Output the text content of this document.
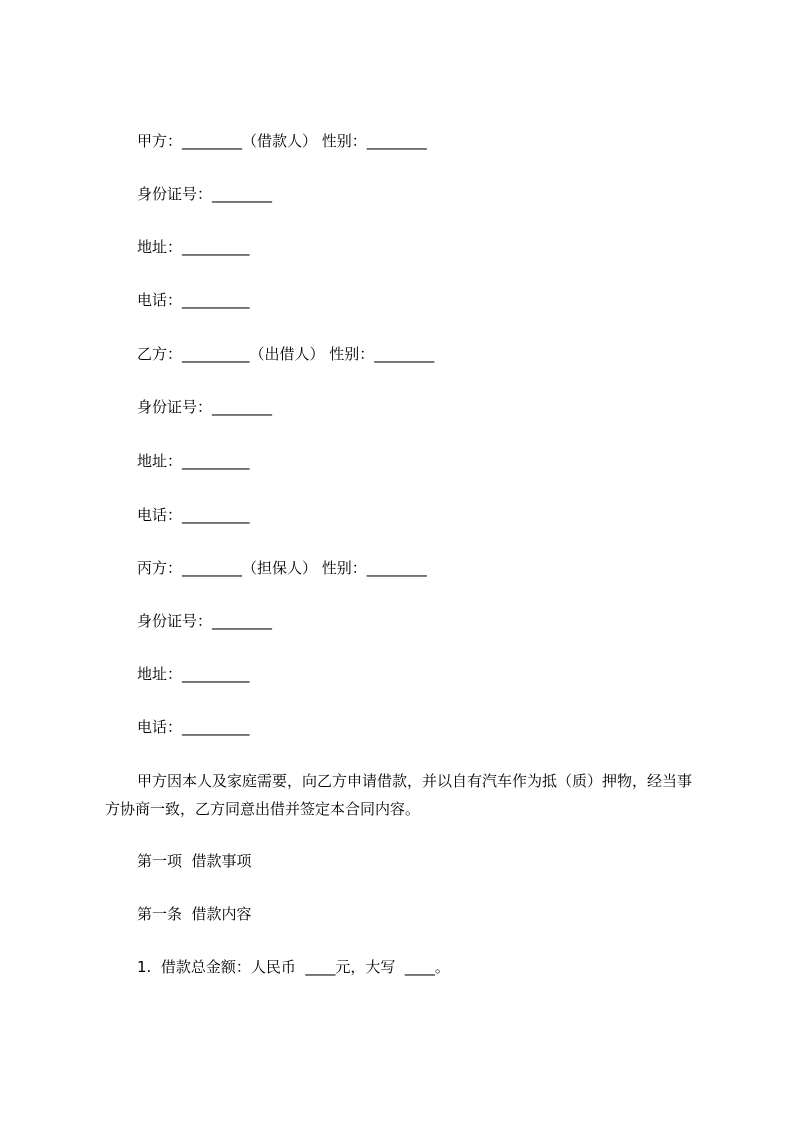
甲方：________（借款人） 性别：________

身份证号：________

地址：_________

电话：_________

乙方：_________（出借人） 性别：________

身份证号：________

地址：_________

电话：_________

丙方：________（担保人） 性别：________

身份证号：________

地址：_________

电话：_________

甲方因本人及家庭需要，向乙方申请借款，并以自有汽车作为抵（质）押物，经当事方协商一致，乙方同意出借并签定本合同内容。

第一项  借款事项

第一条  借款内容

1.  借款总金额：人民币  ____元，大写  ____。
